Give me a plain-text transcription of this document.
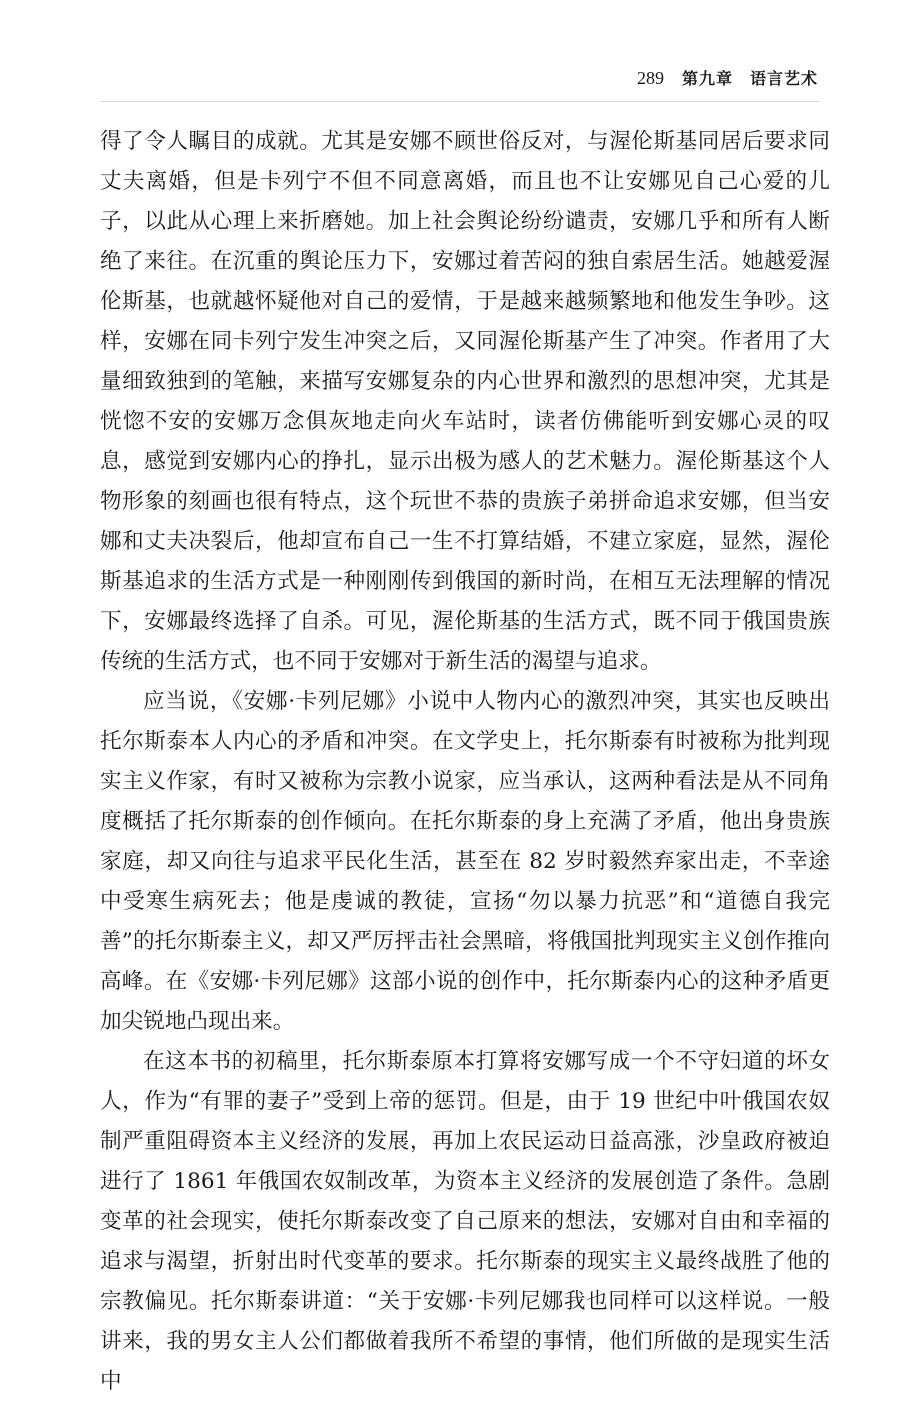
289 第九章　语言艺术

得了令人瞩目的成就。尤其是安娜不顾世俗反对，与渥伦斯基同居后要求同丈夫离婚，但是卡列宁不但不同意离婚，而且也不让安娜见自己心爱的儿子，以此从心理上来折磨她。加上社会舆论纷纷谴责，安娜几乎和所有人断绝了来往。在沉重的舆论压力下，安娜过着苦闷的独自索居生活。她越爱渥伦斯基，也就越怀疑他对自己的爱情，于是越来越频繁地和他发生争吵。这样，安娜在同卡列宁发生冲突之后，又同渥伦斯基产生了冲突。作者用了大量细致独到的笔触，来描写安娜复杂的内心世界和激烈的思想冲突，尤其是恍惚不安的安娜万念俱灰地走向火车站时，读者仿佛能听到安娜心灵的叹息，感觉到安娜内心的挣扎，显示出极为感人的艺术魅力。渥伦斯基这个人物形象的刻画也很有特点，这个玩世不恭的贵族子弟拼命追求安娜，但当安娜和丈夫决裂后，他却宣布自己一生不打算结婚，不建立家庭，显然，渥伦斯基追求的生活方式是一种刚刚传到俄国的新时尚，在相互无法理解的情况下，安娜最终选择了自杀。可见，渥伦斯基的生活方式，既不同于俄国贵族传统的生活方式，也不同于安娜对于新生活的渴望与追求。

应当说，《安娜·卡列尼娜》小说中人物内心的激烈冲突，其实也反映出托尔斯泰本人内心的矛盾和冲突。在文学史上，托尔斯泰有时被称为批判现实主义作家，有时又被称为宗教小说家，应当承认，这两种看法是从不同角度概括了托尔斯泰的创作倾向。在托尔斯泰的身上充满了矛盾，他出身贵族家庭，却又向往与追求平民化生活，甚至在 82 岁时毅然弃家出走，不幸途中受寒生病死去；他是虔诚的教徒，宣扬“勿以暴力抗恶”和“道德自我完善”的托尔斯泰主义，却又严厉抨击社会黑暗，将俄国批判现实主义创作推向高峰。在《安娜·卡列尼娜》这部小说的创作中，托尔斯泰内心的这种矛盾更加尖锐地凸现出来。

在这本书的初稿里，托尔斯泰原本打算将安娜写成一个不守妇道的坏女人，作为“有罪的妻子”受到上帝的惩罚。但是，由于 19 世纪中叶俄国农奴制严重阻碍资本主义经济的发展，再加上农民运动日益高涨，沙皇政府被迫进行了 1861 年俄国农奴制改革，为资本主义经济的发展创造了条件。急剧变革的社会现实，使托尔斯泰改变了自己原来的想法，安娜对自由和幸福的追求与渴望，折射出时代变革的要求。托尔斯泰的现实主义最终战胜了他的宗教偏见。托尔斯泰讲道：“关于安娜·卡列尼娜我也同样可以这样说。一般讲来，我的男女主人公们都做着我所不希望的事情，他们所做的是现实生活中
